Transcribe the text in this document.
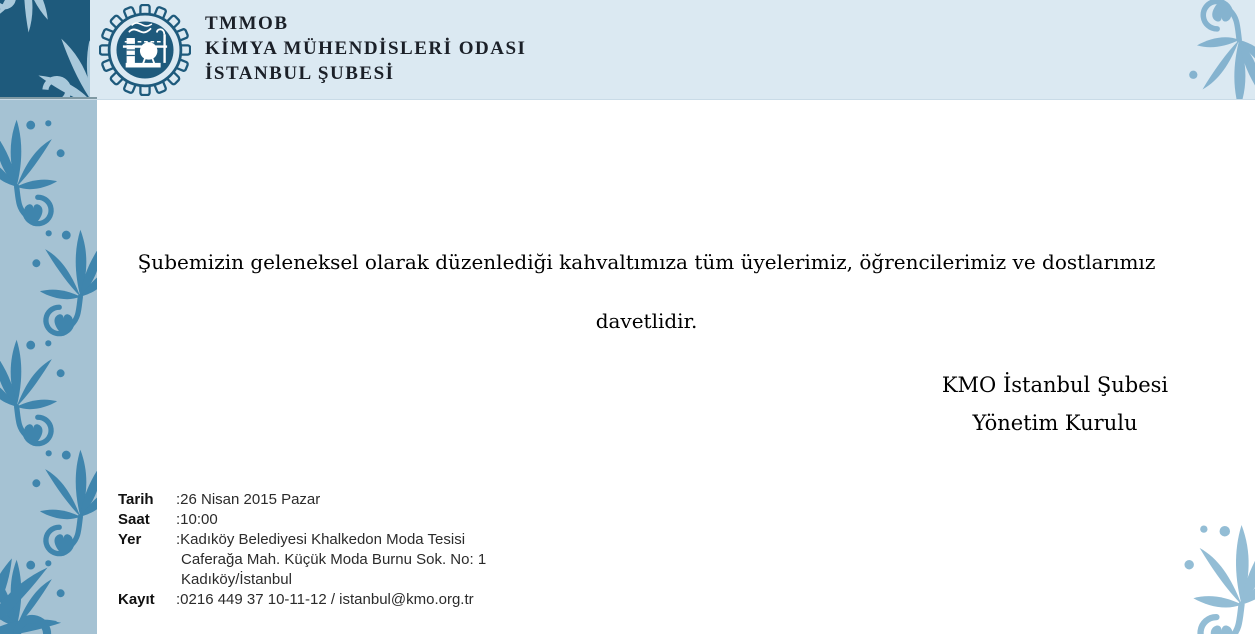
TMMOB
KİMYA MÜHENDİSLERİ ODASI
İSTANBUL ŞUBESİ

Şubemizin geleneksel olarak düzenlediği kahvaltımıza tüm üyelerimiz, öğrencilerimiz ve dostlarımız

davetlidir.

KMO İstanbul Şubesi
Yönetim Kurulu
Tarih	:26 Nisan 2015 Pazar
Saat	:10:00
Yer	:Kadıköy Belediyesi Khalkedon Moda Tesisi
Caferağa Mah. Küçük Moda Burnu Sok. No: 1
Kadıköy/İstanbul
Kayıt	:0216 449 37 10-11-12 / istanbul@kmo.org.tr
